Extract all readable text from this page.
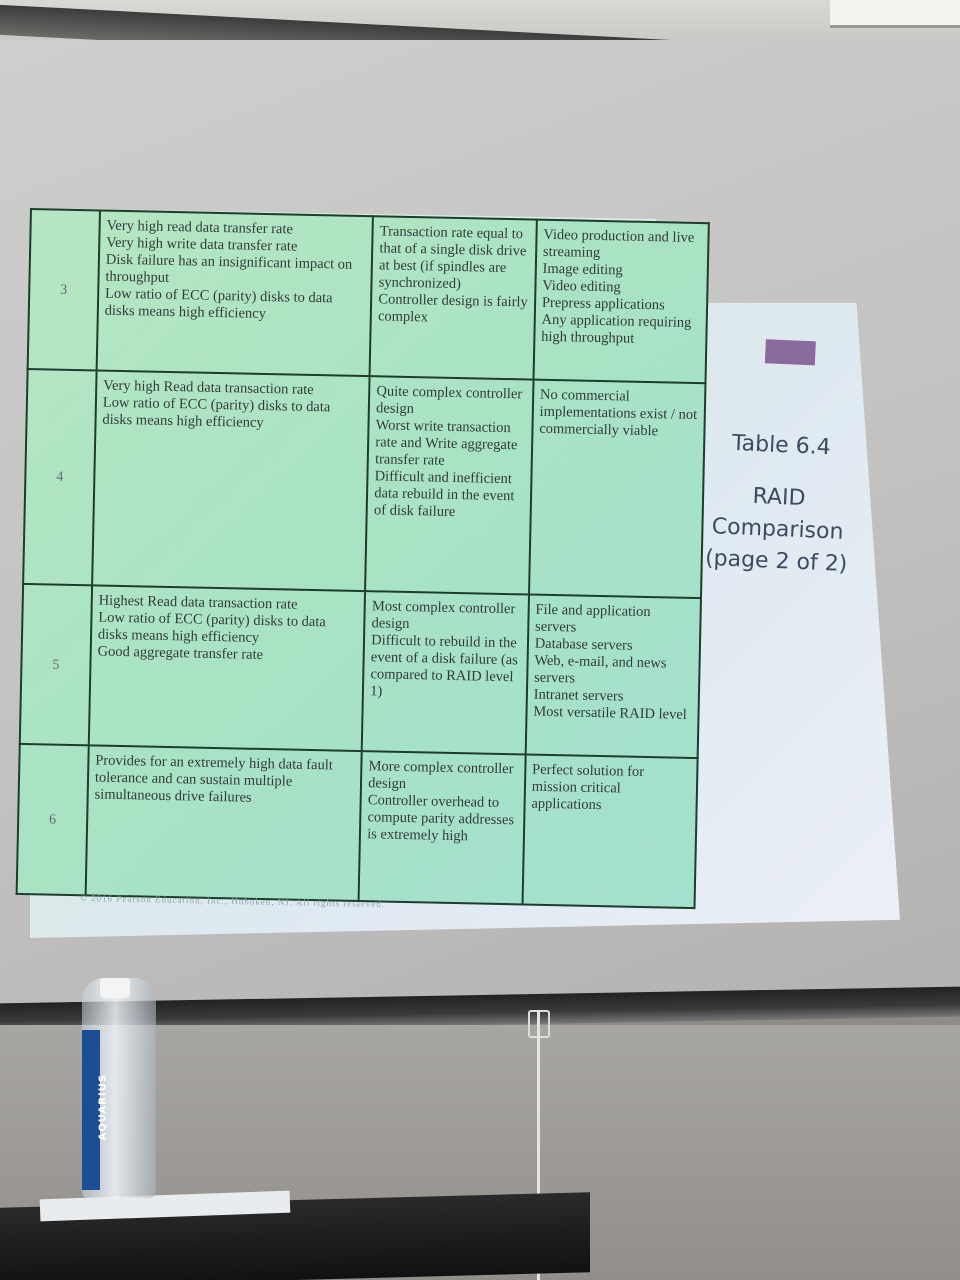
3	Very high read data transfer rate
Very high write data transfer rate
Disk failure has an insignificant impact on throughput
Low ratio of ECC (parity) disks to data disks means high efficiency	Transaction rate equal to that of a single disk drive at best (if spindles are synchronized)
Controller design is fairly complex	Video production and live streaming
Image editing
Video editing
Prepress applications
Any application requiring high throughput

4	Very high Read data transaction rate
Low ratio of ECC (parity) disks to data disks means high efficiency	Quite complex controller design
Worst write transaction rate and Write aggregate transfer rate
Difficult and inefficient data rebuild in the event of disk failure	No commercial implementations exist / not commercially viable

5	Highest Read data transaction rate
Low ratio of ECC (parity) disks to data disks means high efficiency
Good aggregate transfer rate	Most complex controller design
Difficult to rebuild in the event of a disk failure (as compared to RAID level 1)	File and application servers
Database servers
Web, e-mail, and news servers
Intranet servers
Most versatile RAID level

6	Provides for an extremely high data fault tolerance and can sustain multiple simultaneous drive failures	More complex controller design
Controller overhead to compute parity addresses is extremely high	Perfect solution for mission critical applications
© 2016 Pearson Education, Inc., Hoboken, NJ. All rights reserved.
Table 6.4
RAID
Comparison
(page 2 of 2)
AQUARIUS
